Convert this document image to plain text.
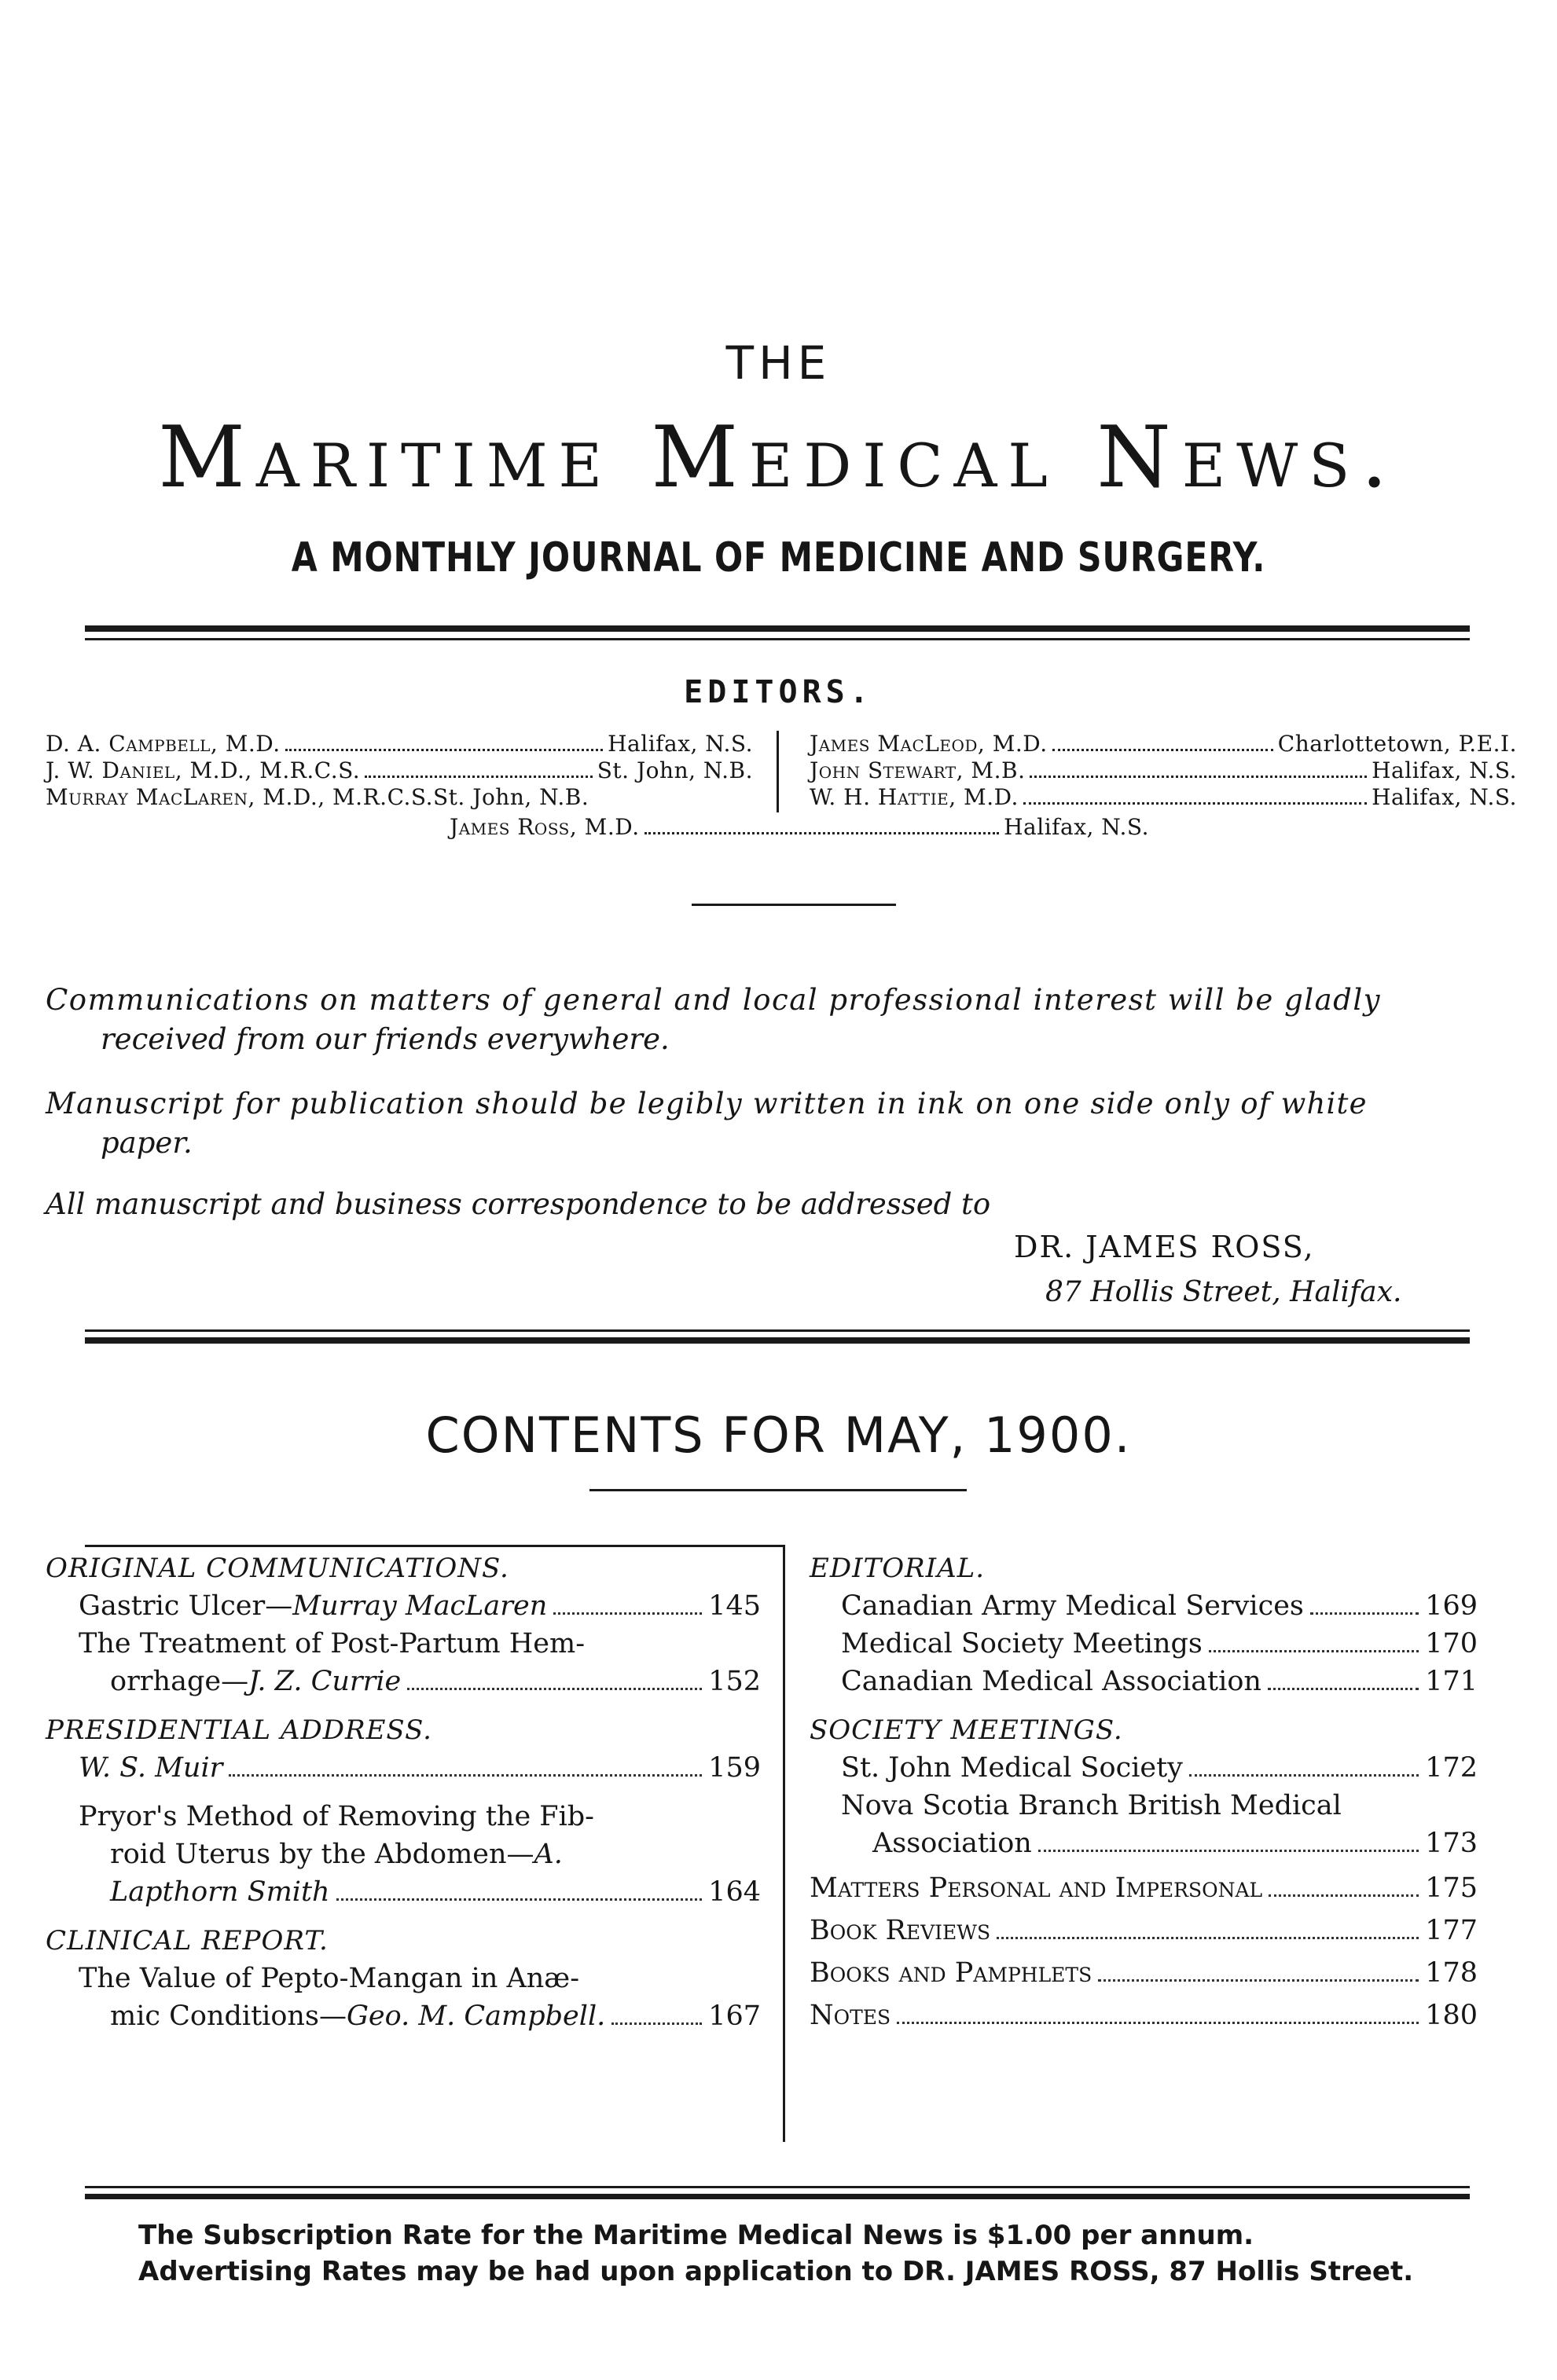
THE
Maritime Medical News.
A MONTHLY JOURNAL OF MEDICINE AND SURGERY.
EDITORS.
D. A. Campbell, M.D.	Halifax, N.S.
J. W. Daniel, M.D., M.R.C.S.	St. John, N.B.
Murray MacLaren, M.D., M.R.C.S. St. John, N.B.
James MacLeod, M.D.	Charlottetown, P.E.I.
John Stewart, M.B.	Halifax, N.S.
W. H. Hattie, M.D.	Halifax, N.S.
James Ross, M.D.	Halifax, N.S.
Communications on matters of general and local professional interest will be gladly
received from our friends everywhere.
Manuscript for publication should be legibly written in ink on one side only of white
paper.
All manuscript and business correspondence to be addressed to
DR. JAMES ROSS,
87 Hollis Street, Halifax.
CONTENTS FOR MAY, 1900.
ORIGINAL COMMUNICATIONS.
Gastric Ulcer — Murray MacLaren	145
The Treatment of Post-Partum Hem-
orrhage — J. Z. Currie	152
PRESIDENTIAL ADDRESS.
W. S. Muir	159
Pryor's Method of Removing the Fib-
roid Uterus by the Abdomen—A.
Lapthorn Smith	164
CLINICAL REPORT.
The Value of Pepto-Mangan in Anæ-
mic Conditions — Geo. M. Campbell.	167
EDITORIAL.
Canadian Army Medical Services	169
Medical Society Meetings	170
Canadian Medical Association	171
SOCIETY MEETINGS.
St. John Medical Society	172
Nova Scotia Branch British Medical
Association	173
Matters Personal and Impersonal	175
Book Reviews	177
Books and Pamphlets	178
Notes	180
The Subscription Rate for the Maritime Medical News is $1.00 per annum.
Advertising Rates may be had upon application to DR. JAMES ROSS, 87 Hollis Street.
